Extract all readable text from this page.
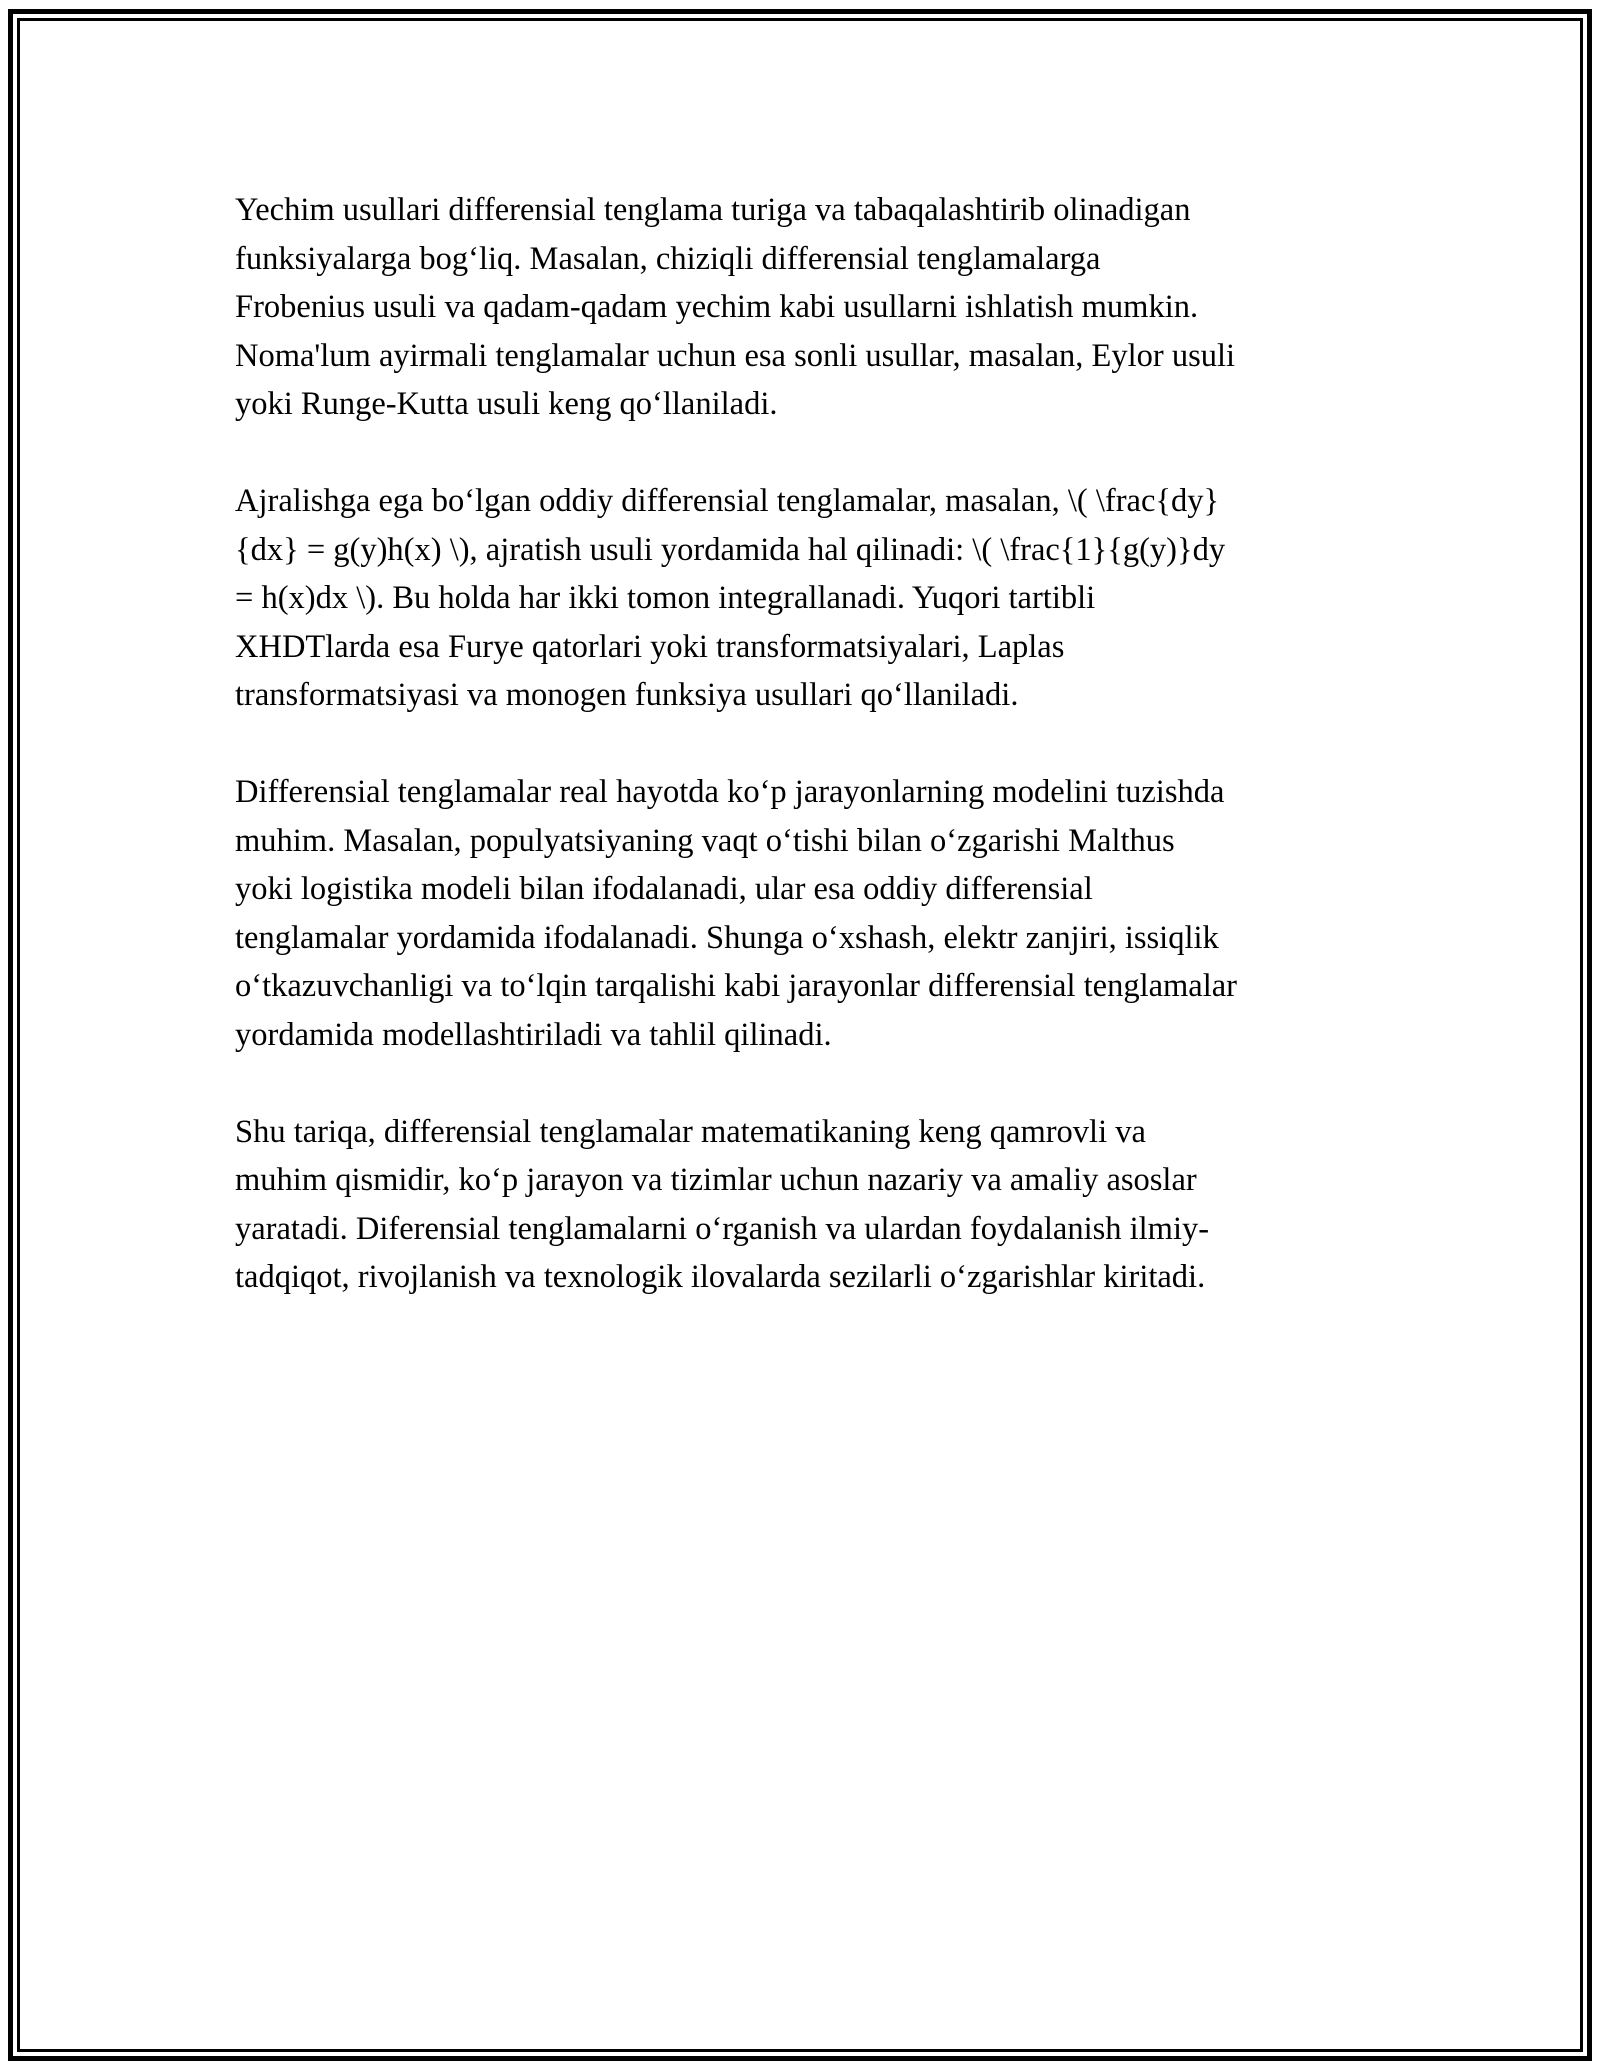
Yechim usullari differensial tenglama turiga va tabaqalashtirib olinadigan
funksiyalarga bog‘liq. Masalan, chiziqli differensial tenglamalarga
Frobenius usuli va qadam-qadam yechim kabi usullarni ishlatish mumkin.
Noma'lum ayirmali tenglamalar uchun esa sonli usullar, masalan, Eylor usuli
yoki Runge-Kutta usuli keng qo‘llaniladi.

Ajralishga ega bo‘lgan oddiy differensial tenglamalar, masalan, \( \frac{dy}
{dx} = g(y)h(x) \), ajratish usuli yordamida hal qilinadi: \( \frac{1}{g(y)}dy
= h(x)dx \). Bu holda har ikki tomon integrallanadi. Yuqori tartibli
XHDTlarda esa Furye qatorlari yoki transformatsiyalari, Laplas
transformatsiyasi va monogen funksiya usullari qo‘llaniladi.

Differensial tenglamalar real hayotda ko‘p jarayonlarning modelini tuzishda
muhim. Masalan, populyatsiyaning vaqt o‘tishi bilan o‘zgarishi Malthus
yoki logistika modeli bilan ifodalanadi, ular esa oddiy differensial
tenglamalar yordamida ifodalanadi. Shunga o‘xshash, elektr zanjiri, issiqlik
o‘tkazuvchanligi va to‘lqin tarqalishi kabi jarayonlar differensial tenglamalar
yordamida modellashtiriladi va tahlil qilinadi.

Shu tariqa, differensial tenglamalar matematikaning keng qamrovli va
muhim qismidir, ko‘p jarayon va tizimlar uchun nazariy va amaliy asoslar
yaratadi. Diferensial tenglamalarni o‘rganish va ulardan foydalanish ilmiy-
tadqiqot, rivojlanish va texnologik ilovalarda sezilarli o‘zgarishlar kiritadi.
